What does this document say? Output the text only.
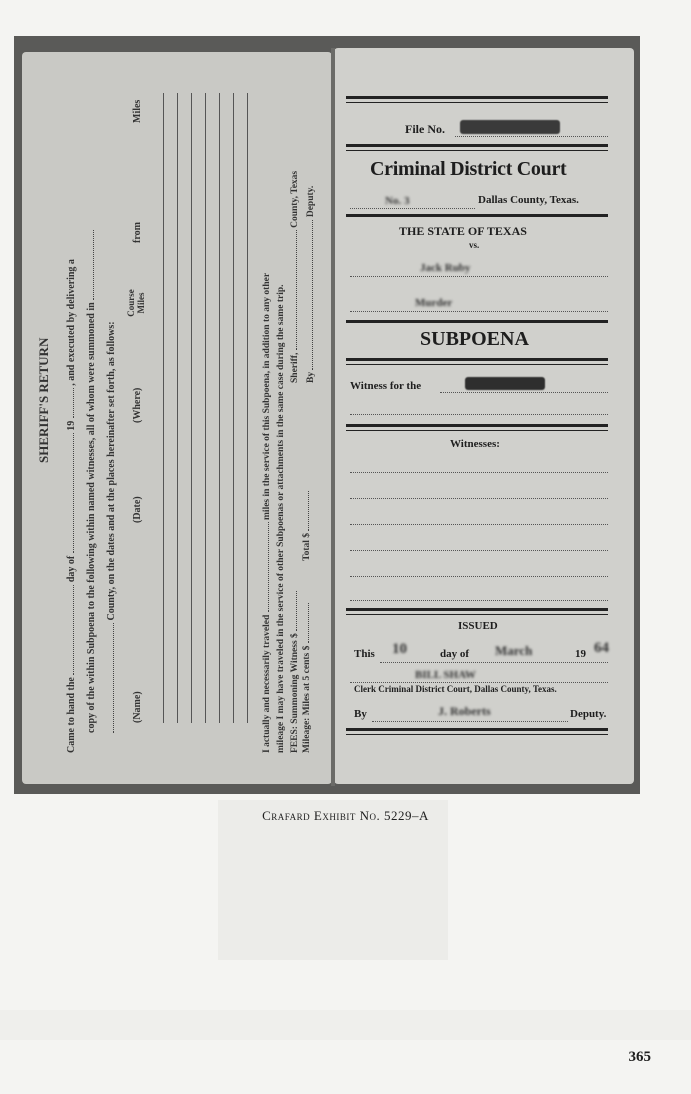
SHERIFF'S RETURN
Came to hand the  day of  19  , and executed by delivering a copy of the within Subpoena to the following within named witnesses, all of whom were summoned in County, on the dates and at the places hereinafter set forth, as follows:
(Name)
(Date)
(Where)
Course Miles
from
Miles
I actually and necessarily traveled  miles in the service of this Subpoena, in addition to any other mileage I may have traveled in the service of other Subpoenas or attachments in the same case during the same trip. FEES: Summoning Witness $
Mileage: Miles at 5 cents $  Total $
Sheriff,  County, Texas
By  Deputy.
File No.
Criminal District Court
No. 3	Dallas County, Texas.
THE STATE OF TEXAS
vs.
Jack Ruby
Murder
SUBPOENA
Witness for the
Witnesses:
ISSUED
This 10	day of March	19 64
BILL SHAW
Clerk Criminal District Court, Dallas County, Texas.
By	J. Roberts	Deputy.
Crafard Exhibit No. 5229–A
365
